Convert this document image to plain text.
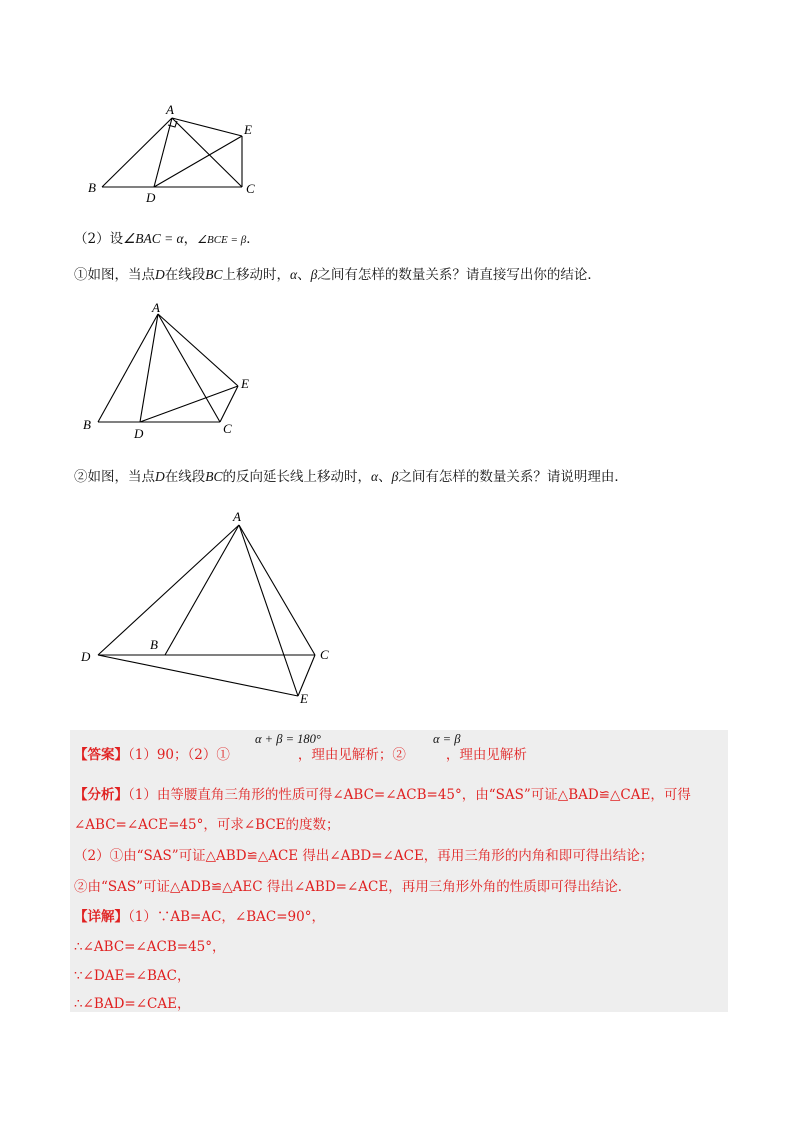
A
B	C
D
E
（2）设∠BAC = α，∠BCE = β．
①如图，当点D在线段BC上移动时，α、β之间有怎样的数量关系？请直接写出你的结论．
A
B	C
D
E
②如图，当点D在线段BC的反向延长线上移动时，α、β之间有怎样的数量关系？请说明理由．
A
B
C
D
E
α + β = 180°	α = β
【答案】（1）90；（2）①	，理由见解析；②	，理由见解析
【分析】（1）由等腰直角三角形的性质可得∠ABC=∠ACB=45°，由“SAS”可证△BAD≌△CAE，可得
∠ABC=∠ACE=45°，可求∠BCE的度数；
（2）①由“SAS”可证△ABD≌△ACE 得出∠ABD=∠ACE，再用三角形的内角和即可得出结论；
②由“SAS”可证△ADB≌△AEC 得出∠ABD=∠ACE，再用三角形外角的性质即可得出结论．
【详解】（1）∵AB=AC，∠BAC=90°，
∴∠ABC=∠ACB=45°，
∵∠DAE=∠BAC，
∴∠BAD=∠CAE，
